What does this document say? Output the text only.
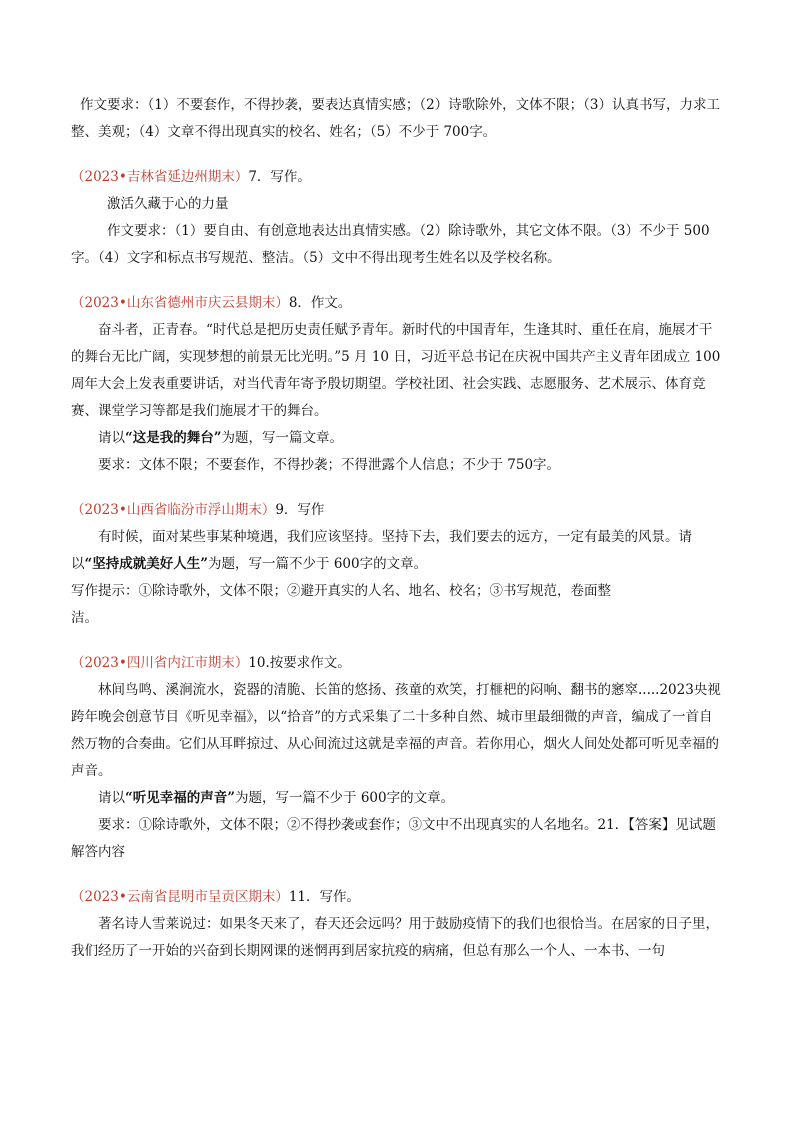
作文要求：（1）不要套作，不得抄袭，要表达真情实感；（2）诗歌除外，文体不限；（3）认真书写，力求工整、美观；（4）文章不得出现真实的校名、姓名；（5）不少于 700字。

（2023•吉林省延边州期末）7．写作。

激活久藏于心的力量

作文要求：（1）要自由、有创意地表达出真情实感。（2）除诗歌外，其它文体不限。（3）不少于 500字。（4）文字和标点书写规范、整洁。（5）文中不得出现考生姓名以及学校名称。

（2023•山东省德州市庆云县期末）8．作文。

奋斗者，正青春。“时代总是把历史责任赋予青年。新时代的中国青年，生逢其时、重任在肩，施展才干的舞台无比广阔，实现梦想的前景无比光明。”5 月 10 日，习近平总书记在庆祝中国共产主义青年团成立 100 周年大会上发表重要讲话，对当代青年寄予殷切期望。学校社团、社会实践、志愿服务、艺术展示、体育竞赛、课堂学习等都是我们施展才干的舞台。

请以“这是我的舞台”为题，写一篇文章。

要求：文体不限；不要套作，不得抄袭；不得泄露个人信息；不少于 750字。

（2023•山西省临汾市浮山期末）9．写作

有时候，面对某些事某种境遇，我们应该坚持。坚持下去，我们要去的远方，一定有最美的风景。请以“坚持成就美好人生”为题，写一篇不少于 600字的文章。

写作提示：①除诗歌外，文体不限；②避开真实的人名、地名、校名；③书写规范，卷面整

洁。

（2023•四川省内江市期末）10.按要求作文。

林间鸟鸣、溪涧流水，瓷器的清脆、长笛的悠扬、孩童的欢笑，打榧杷的闷响、翻书的窸窣.....2023央视跨年晚会创意节目《听见幸福》，以“拾音”的方式采集了二十多种自然、城市里最细微的声音，编成了一首自然万物的合奏曲。它们从耳畔掠过、从心间流过这就是幸福的声音。若你用心，烟火人间处处都可听见幸福的声音。

请以“听见幸福的声音”为题，写一篇不少于 600字的文章。

要求：①除诗歌外，文体不限；②不得抄袭或套作；③文中不出现真实的人名地名。21．【答案】见试题解答内容

（2023•云南省昆明市呈贡区期末）11．写作。

著名诗人雪莱说过：如果冬天来了，春天还会远吗？用于鼓励疫情下的我们也很恰当。在居家的日子里，我们经历了一开始的兴奋到长期网课的迷惘再到居家抗疫的病痛，但总有那么一个人、一本书、一句
